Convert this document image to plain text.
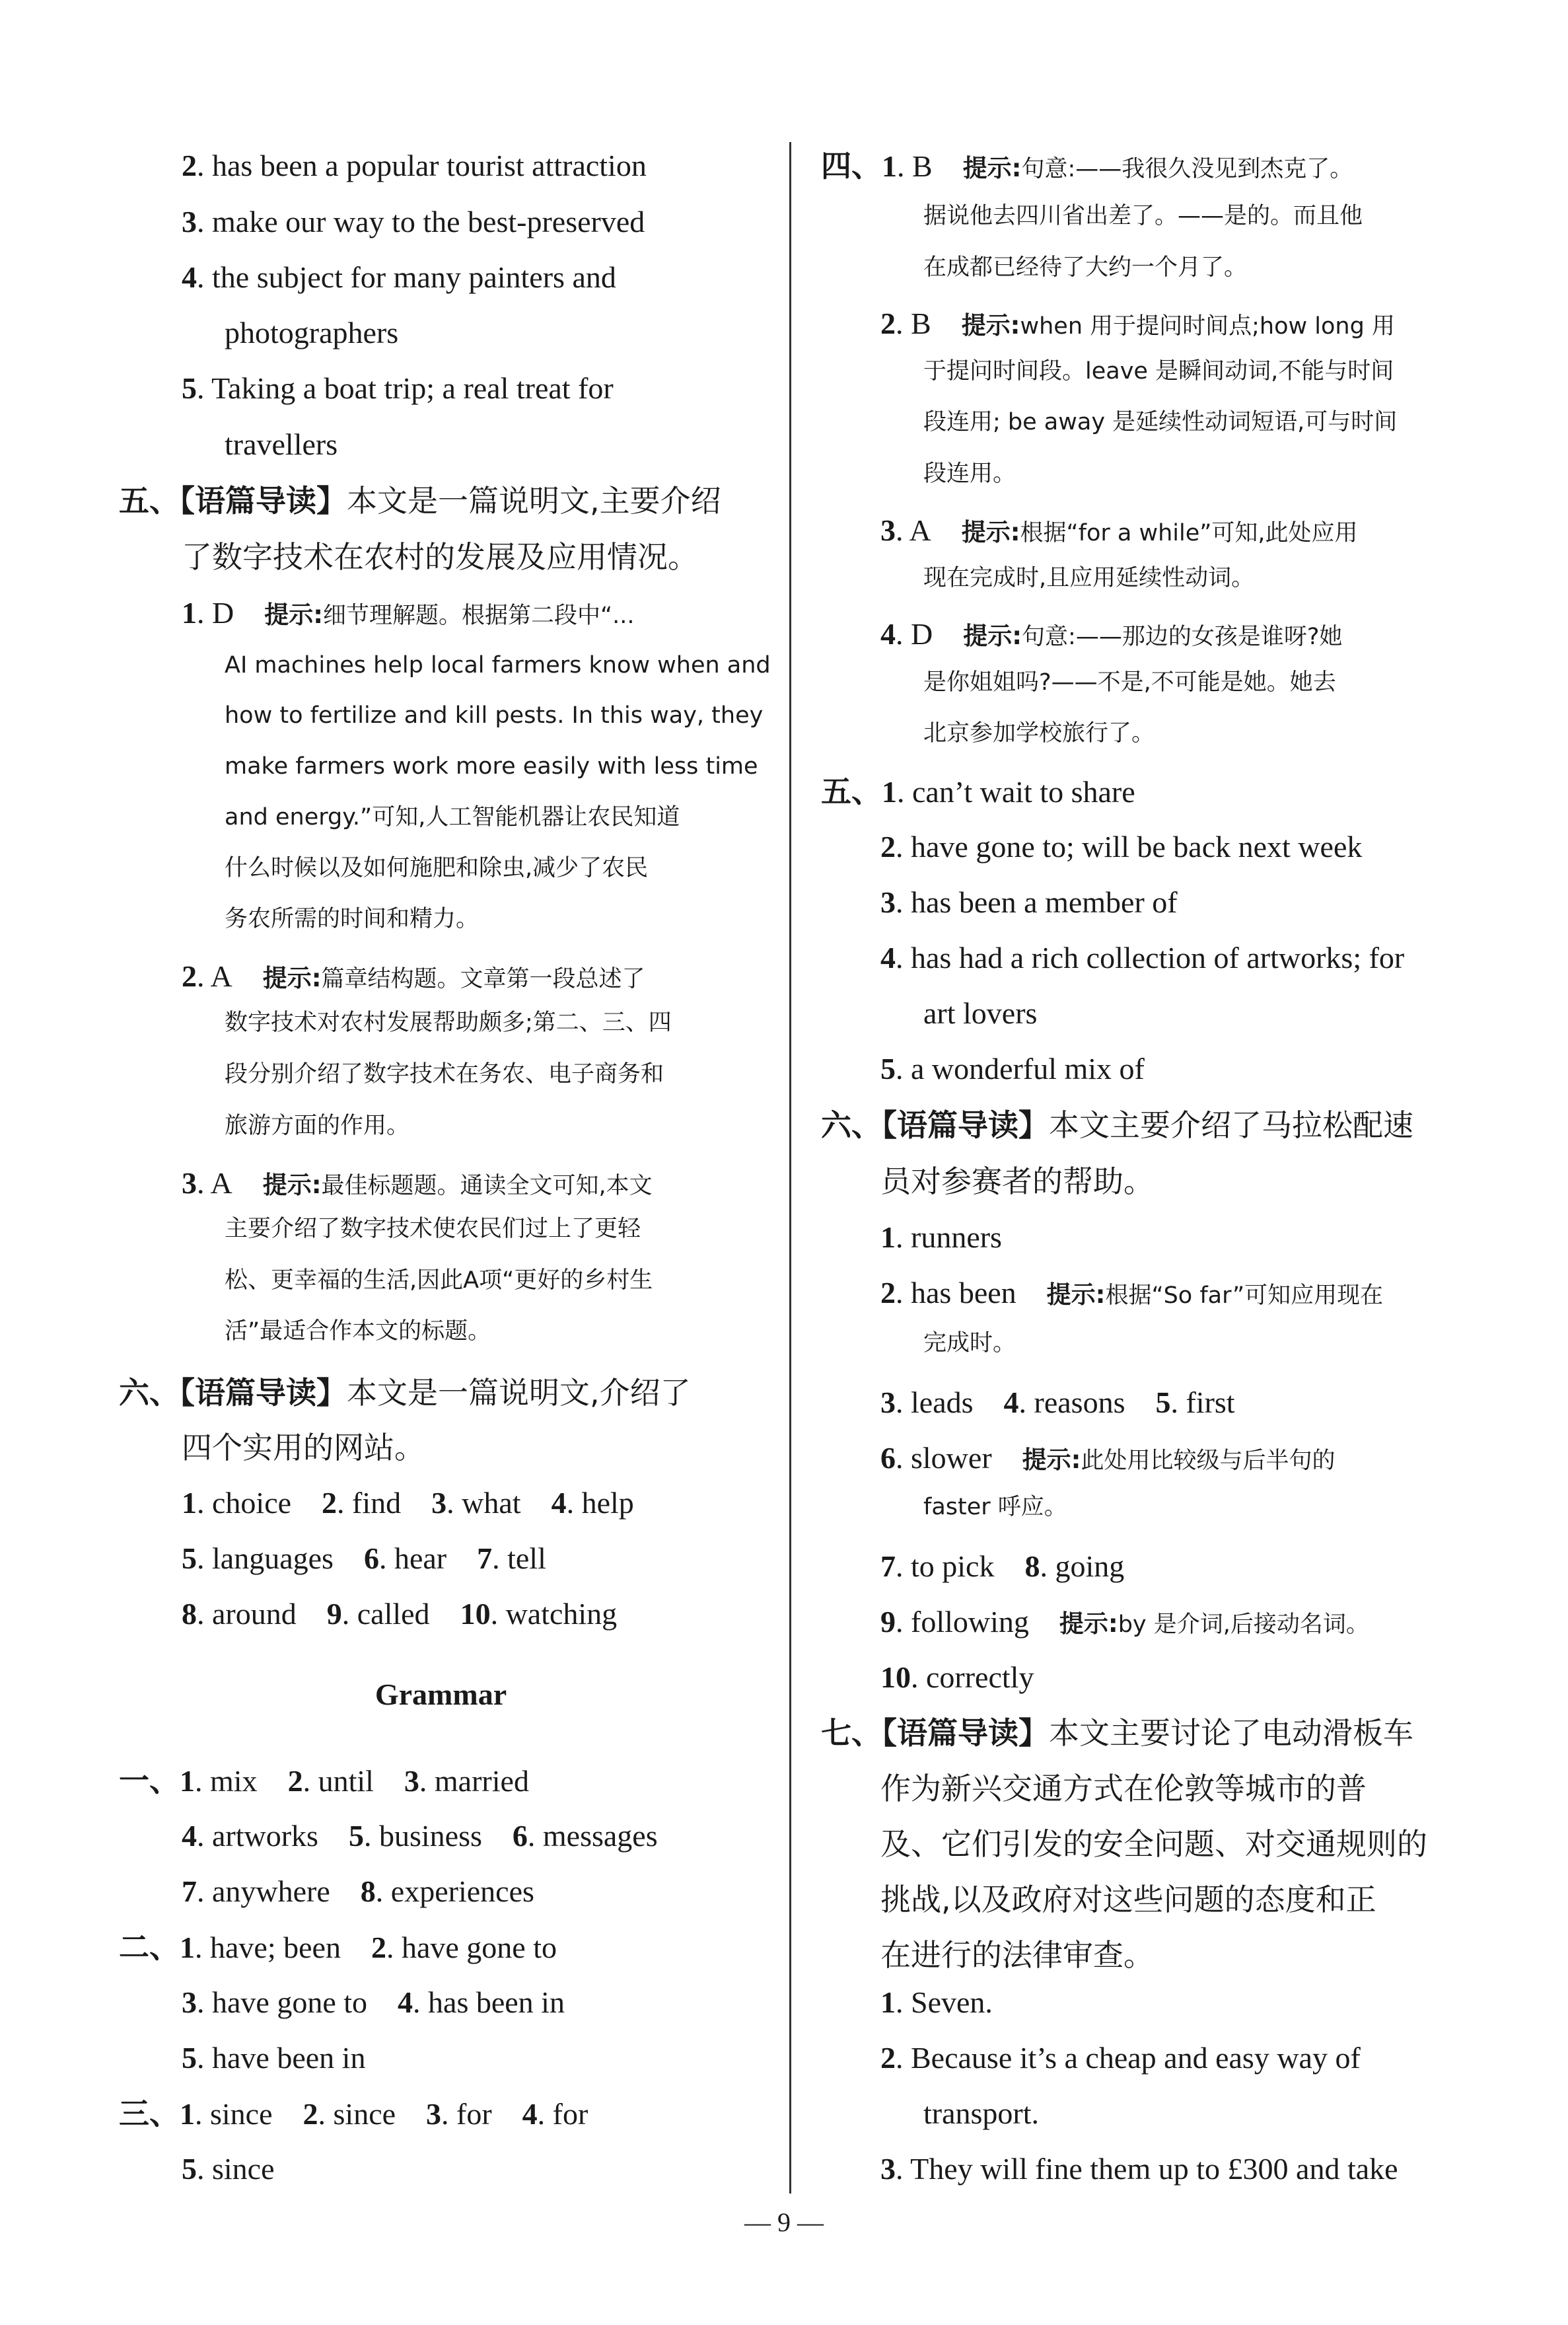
2. has been a popular tourist attraction
3. make our way to the best-preserved
4. the subject for many painters and
photographers
5. Taking a boat trip; a real treat for
travellers
五、【语篇导读】本文是一篇说明文,主要介绍
了数字技术在农村的发展及应用情况。
1. D 提示:细节理解题。根据第二段中“...
AI machines help local farmers know when and
how to fertilize and kill pests. In this way, they
make farmers work more easily with less time
and energy.”可知,人工智能机器让农民知道
什么时候以及如何施肥和除虫,减少了农民
务农所需的时间和精力。
2. A 提示:篇章结构题。文章第一段总述了
数字技术对农村发展帮助颇多;第二、三、四
段分别介绍了数字技术在务农、电子商务和
旅游方面的作用。
3. A 提示:最佳标题题。通读全文可知,本文
主要介绍了数字技术使农民们过上了更轻
松、更幸福的生活,因此A项“更好的乡村生
活”最适合作本文的标题。
六、【语篇导读】本文是一篇说明文,介绍了
四个实用的网站。
1. choice 2. find 3. what 4. help
5. languages 6. hear 7. tell
8. around 9. called 10. watching
Grammar
一、1. mix 2. until 3. married
4. artworks 5. business 6. messages
7. anywhere 8. experiences
二、1. have; been 2. have gone to
3. have gone to 4. has been in
5. have been in
三、1. since 2. since 3. for 4. for
5. since
四、1. B 提示:句意:——我很久没见到杰克了。
据说他去四川省出差了。——是的。而且他
在成都已经待了大约一个月了。
2. B 提示:when 用于提问时间点;how long 用
于提问时间段。leave 是瞬间动词,不能与时间
段连用; be away 是延续性动词短语,可与时间
段连用。
3. A 提示:根据“for a while”可知,此处应用
现在完成时,且应用延续性动词。
4. D 提示:句意:——那边的女孩是谁呀?她
是你姐姐吗?——不是,不可能是她。她去
北京参加学校旅行了。
五、1. can’t wait to share
2. have gone to; will be back next week
3. has been a member of
4. has had a rich collection of artworks; for
art lovers
5. a wonderful mix of
六、【语篇导读】本文主要介绍了马拉松配速
员对参赛者的帮助。
1. runners
2. has been 提示:根据“So far”可知应用现在
完成时。
3. leads 4. reasons 5. first
6. slower 提示:此处用比较级与后半句的
faster 呼应。
7. to pick 8. going
9. following 提示:by 是介词,后接动名词。
10. correctly
七、【语篇导读】本文主要讨论了电动滑板车
作为新兴交通方式在伦敦等城市的普
及、它们引发的安全问题、对交通规则的
挑战,以及政府对这些问题的态度和正
在进行的法律审查。
1. Seven.
2. Because it’s a cheap and easy way of
transport.
3. They will fine them up to £300 and take
— 9 —
